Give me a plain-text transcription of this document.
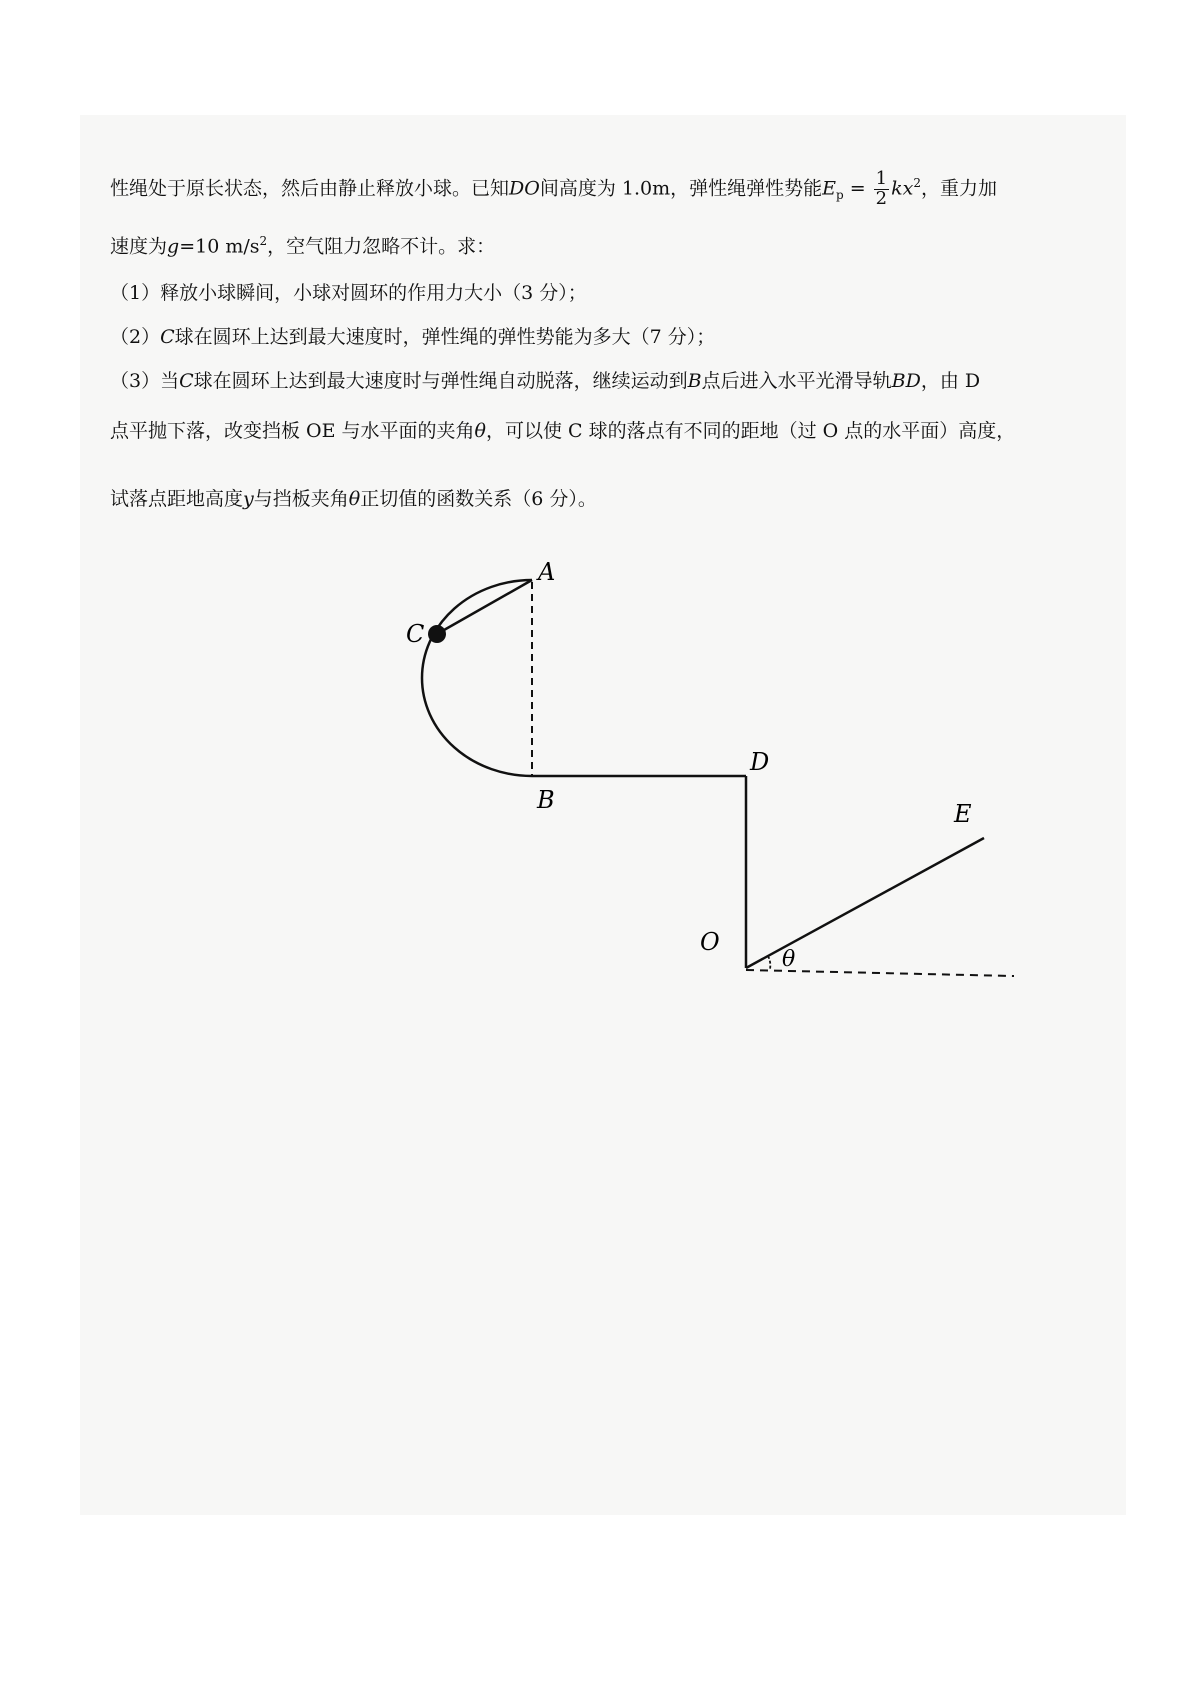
性绳处于原长状态，然后由静止释放小球。已知DO间高度为 1.0m，弹性绳弹性势能$E_p = \frac{1}{2} kx^2$，重力加
速度为g=10 $m/s^2$，空气阻力忽略不计。求：
（1）释放小球瞬间，小球对圆环的作用力大小（3 分）；
（2）C球在圆环上达到最大速度时，弹性绳的弹性势能为多大（7 分）；
（3）当C球在圆环上达到最大速度时与弹性绳自动脱落，继续运动到B点后进入水平光滑导轨BD，由 D
点平抛下落，改变挡板 OE 与水平面的夹角θ，可以使 C 球的落点有不同的距地（过 O 点的水平面）高度，
试落点距地高度y与挡板夹角θ正切值的函数关系（6 分）。
A
C
B
D
E
O
θ
